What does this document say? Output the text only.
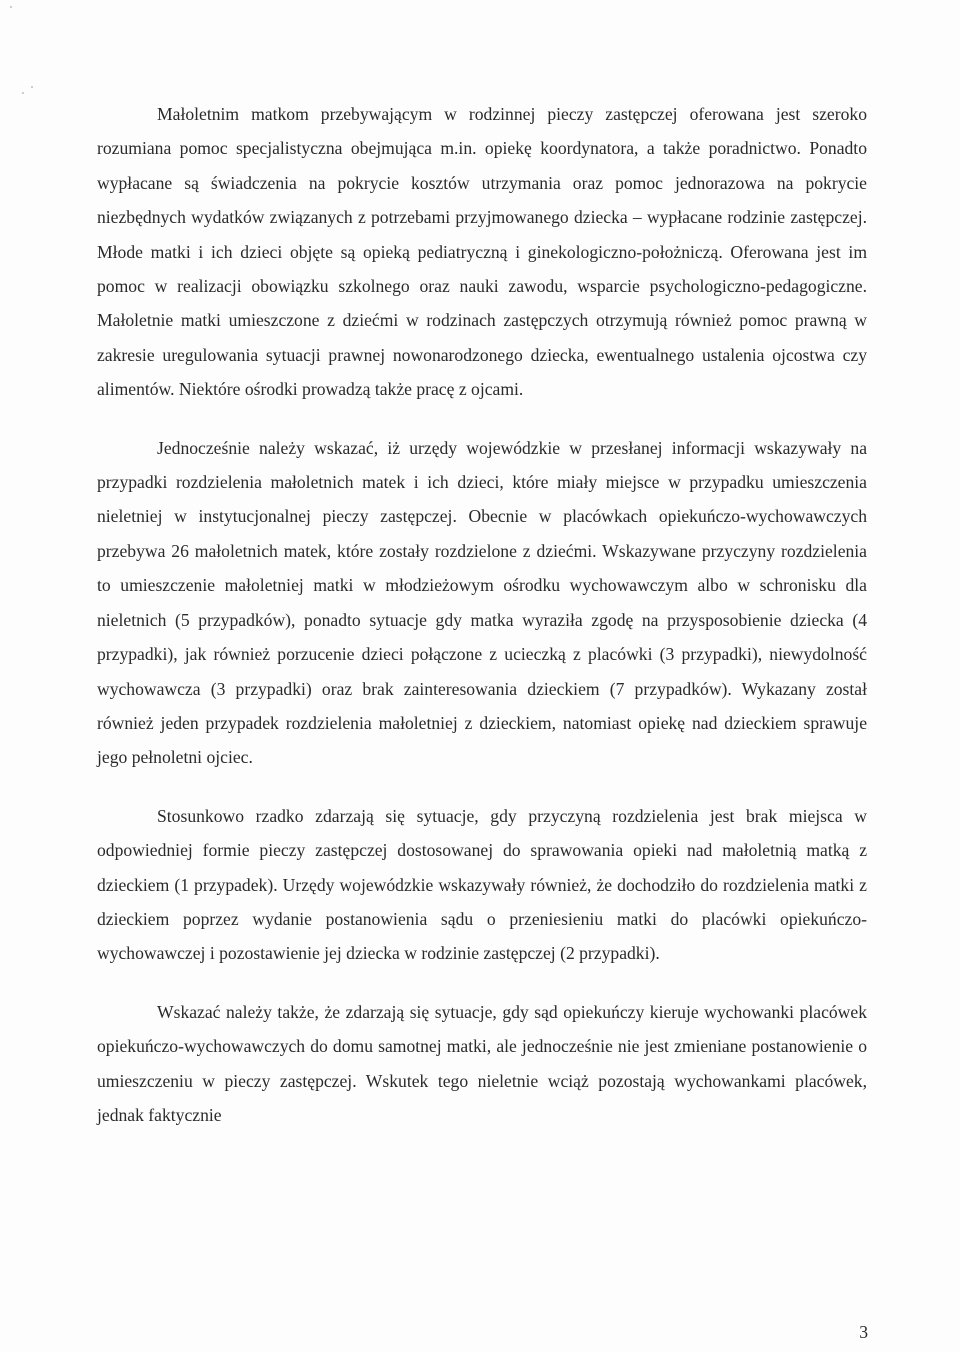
Małoletnim matkom przebywającym w rodzinnej pieczy zastępczej oferowana jest szeroko rozumiana pomoc specjalistyczna obejmująca m.in. opiekę koordynatora, a także poradnictwo. Ponadto wypłacane są świadczenia na pokrycie kosztów utrzymania oraz pomoc jednorazowa na pokrycie niezbędnych wydatków związanych z potrzebami przyjmowanego dziecka – wypłacane rodzinie zastępczej. Młode matki i ich dzieci objęte są opieką pediatryczną i ginekologiczno-położniczą. Oferowana jest im pomoc w realizacji obowiązku szkolnego oraz nauki zawodu, wsparcie psychologiczno-pedagogiczne. Małoletnie matki umieszczone z dziećmi w rodzinach zastępczych otrzymują również pomoc prawną w zakresie uregulowania sytuacji prawnej nowonarodzonego dziecka, ewentualnego ustalenia ojcostwa czy alimentów. Niektóre ośrodki prowadzą także pracę z ojcami.

Jednocześnie należy wskazać, iż urzędy wojewódzkie w przesłanej informacji wskazywały na przypadki rozdzielenia małoletnich matek i ich dzieci, które miały miejsce w przypadku umieszczenia nieletniej w instytucjonalnej pieczy zastępczej. Obecnie w placówkach opiekuńczo-wychowawczych przebywa 26 małoletnich matek, które zostały rozdzielone z dziećmi. Wskazywane przyczyny rozdzielenia to umieszczenie małoletniej matki w młodzieżowym ośrodku wychowawczym albo w schronisku dla nieletnich (5 przypadków), ponadto sytuacje gdy matka wyraziła zgodę na przysposobienie dziecka (4 przypadki), jak również porzucenie dzieci połączone z ucieczką z placówki (3 przypadki), niewydolność wychowawcza (3 przypadki) oraz brak zainteresowania dzieckiem (7 przypadków). Wykazany został również jeden przypadek rozdzielenia małoletniej z dzieckiem, natomiast opiekę nad dzieckiem sprawuje jego pełnoletni ojciec.

Stosunkowo rzadko zdarzają się sytuacje, gdy przyczyną rozdzielenia jest brak miejsca w odpowiedniej formie pieczy zastępczej dostosowanej do sprawowania opieki nad małoletnią matką z dzieckiem (1 przypadek). Urzędy wojewódzkie wskazywały również, że dochodziło do rozdzielenia matki z dzieckiem poprzez wydanie postanowienia sądu o przeniesieniu matki do placówki opiekuńczo-wychowawczej i pozostawienie jej dziecka w rodzinie zastępczej (2 przypadki).

Wskazać należy także, że zdarzają się sytuacje, gdy sąd opiekuńczy kieruje wychowanki placówek opiekuńczo-wychowawczych do domu samotnej matki, ale jednocześnie nie jest zmieniane postanowienie o umieszczeniu w pieczy zastępczej. Wskutek tego nieletnie wciąż pozostają wychowankami placówek, jednak faktycznie

3
